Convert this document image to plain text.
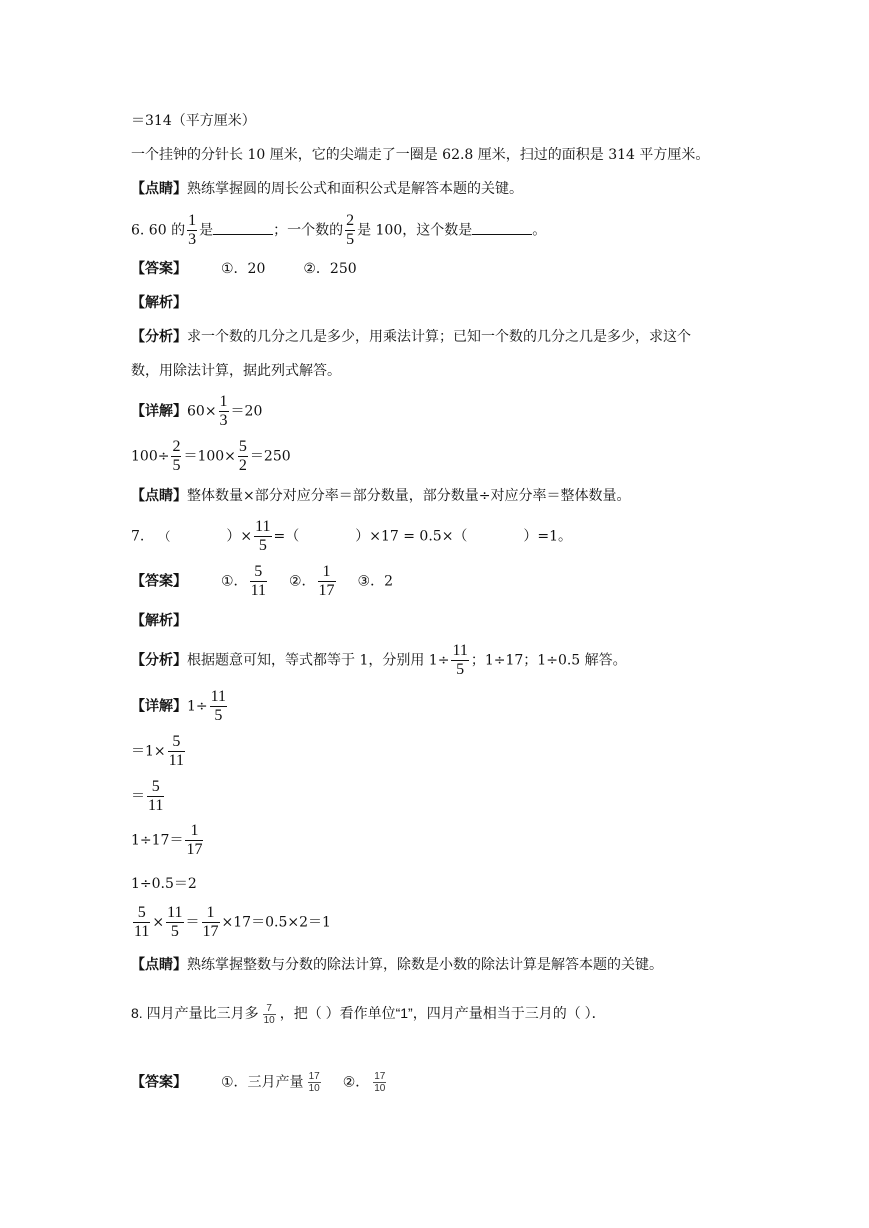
＝314（平方厘米）
一个挂钟的分针长 10 厘米，它的尖端走了一圈是 62.8 厘米，扫过的面积是 314 平方厘米。
【点睛】熟练掌握圆的周长公式和面积公式是解答本题的关键。
6. 60 的 $\frac{1}{3}$ 是	；一个数的 $\frac{2}{5}$ 是 100，这个数是	。
【答案】 ①．20	②．250
【解析】
【分析】求一个数的几分之几是多少，用乘法计算；已知一个数的几分之几是多少，求这个
数，用除法计算，据此列式解答。
【详解】$60\times \frac{1}{3} =20$
$100\div \frac{2}{5} =100\times \frac{5}{2} =250$
【点睛】整体数量×部分对应分率＝部分数量，部分数量÷对应分率＝整体数量。
7. （	）× $\frac{11}{5}$ =（	）×17 = 0.5×（	）=1。
【答案】 ①． $\frac{5}{11}$ ②． $\frac{1}{17}$ ③．2
【解析】
【分析】根据题意可知，等式都等于 1，分别用 $1\div \frac{11}{5}$ ；1÷17；1÷0.5 解答。
【详解】$1\div \frac{11}{5}$
$=1\times \frac{5}{11}$
＝ $\frac{5}{11}$
$1\div 17= \frac{1}{17}$
1÷0.5＝2
$\frac{5}{11} \times \frac{11}{5} = \frac{1}{17} \times 17=0.5\times 2=1$
【点睛】熟练掌握整数与分数的除法计算，除数是小数的除法计算是解答本题的关键。
8. 四月产量比三月多 $\frac{7}{10}$ ，把（ ）看作单位“1”，四月产量相当于三月的（ ）．
【答案】 ①．三月产量 $\frac{17}{10}$ ②． $\frac{17}{10}$
